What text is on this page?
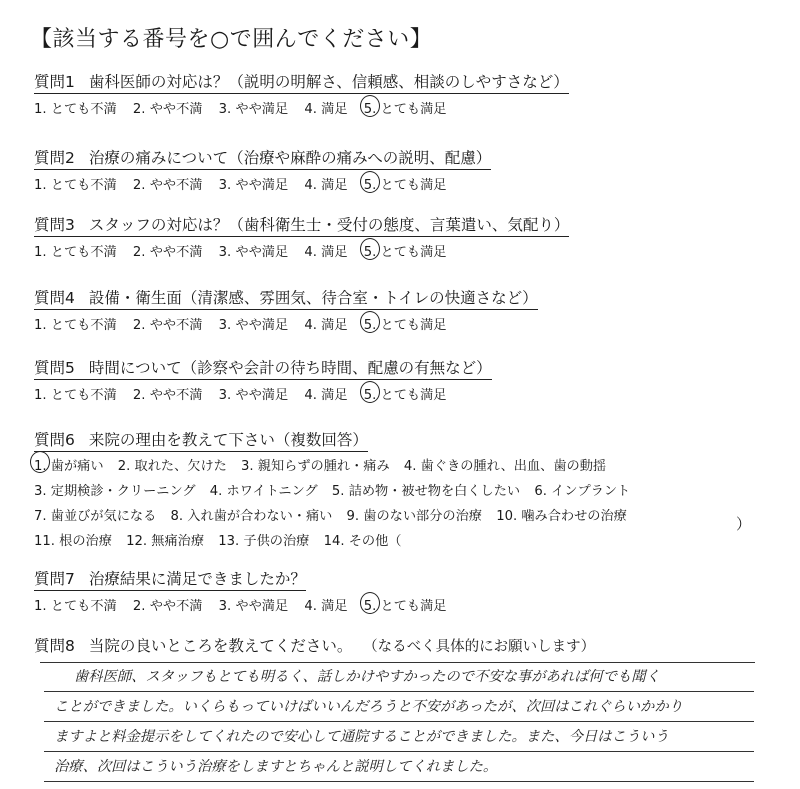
【該当する番号を○で囲んでください】
質問1 歯科医師の対応は？（説明の明解さ、信頼感、相談のしやすさなど）
1. とても不満 2. やや不満 3. やや満足 4. 満足 5. とても満足
質問2 治療の痛みについて（治療や麻酔の痛みへの説明、配慮）
1. とても不満 2. やや不満 3. やや満足 4. 満足 5. とても満足
質問3 スタッフの対応は？（歯科衛生士・受付の態度、言葉遣い、気配り）
1. とても不満 2. やや不満 3. やや満足 4. 満足 5. とても満足
質問4 設備・衛生面（清潔感、雰囲気、待合室・トイレの快適さなど）
1. とても不満 2. やや不満 3. やや満足 4. 満足 5. とても満足
質問5 時間について（診察や会計の待ち時間、配慮の有無など）
1. とても不満 2. やや不満 3. やや満足 4. 満足 5. とても満足
質問6 来院の理由を教えて下さい（複数回答）
1. 歯が痛い 2. 取れた、欠けた 3. 親知らずの腫れ・痛み 4. 歯ぐきの腫れ、出血、歯の動揺
3. 定期検診・クリーニング 4. ホワイトニング 5. 詰め物・被せ物を白くしたい 6. インプラント
7. 歯並びが気になる 8. 入れ歯が合わない・痛い 9. 歯のない部分の治療 10. 噛み合わせの治療
11. 根の治療 12. 無痛治療 13. 子供の治療 14. その他（
）
質問7 治療結果に満足できましたか？
1. とても不満 2. やや不満 3. やや満足 4. 満足 5. とても満足
質問8 当院の良いところを教えてください。 （なるべく具体的にお願いします）
歯科医師、スタッフもとても明るく、話しかけやすかったので不安な事があれば何でも聞く
ことができました。いくらもっていけばいいんだろうと不安があったが、次回はこれぐらいかかり
ますよと料金提示をしてくれたので安心して通院することができました。また、今日はこういう
治療、次回はこういう治療をしますとちゃんと説明してくれました。
